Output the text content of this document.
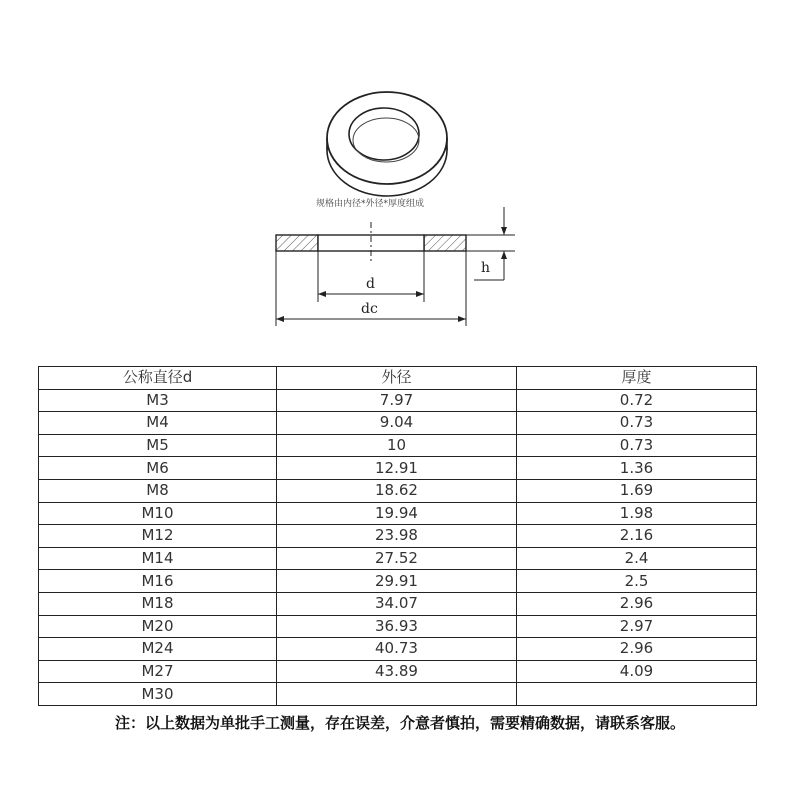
h
d
dc
规格由内径*外径*厚度组成
公称直径d	外径	厚度
M3	7.97	0.72
M4	9.04	0.73
M5	10	0.73
M6	12.91	1.36
M8	18.62	1.69
M10	19.94	1.98
M12	23.98	2.16
M14	27.52	2.4
M16	29.91	2.5
M18	34.07	2.96
M20	36.93	2.97
M24	40.73	2.96
M27	43.89	4.09
M30		
注：以上数据为单批手工测量，存在误差，介意者慎拍，需要精确数据，请联系客服。
